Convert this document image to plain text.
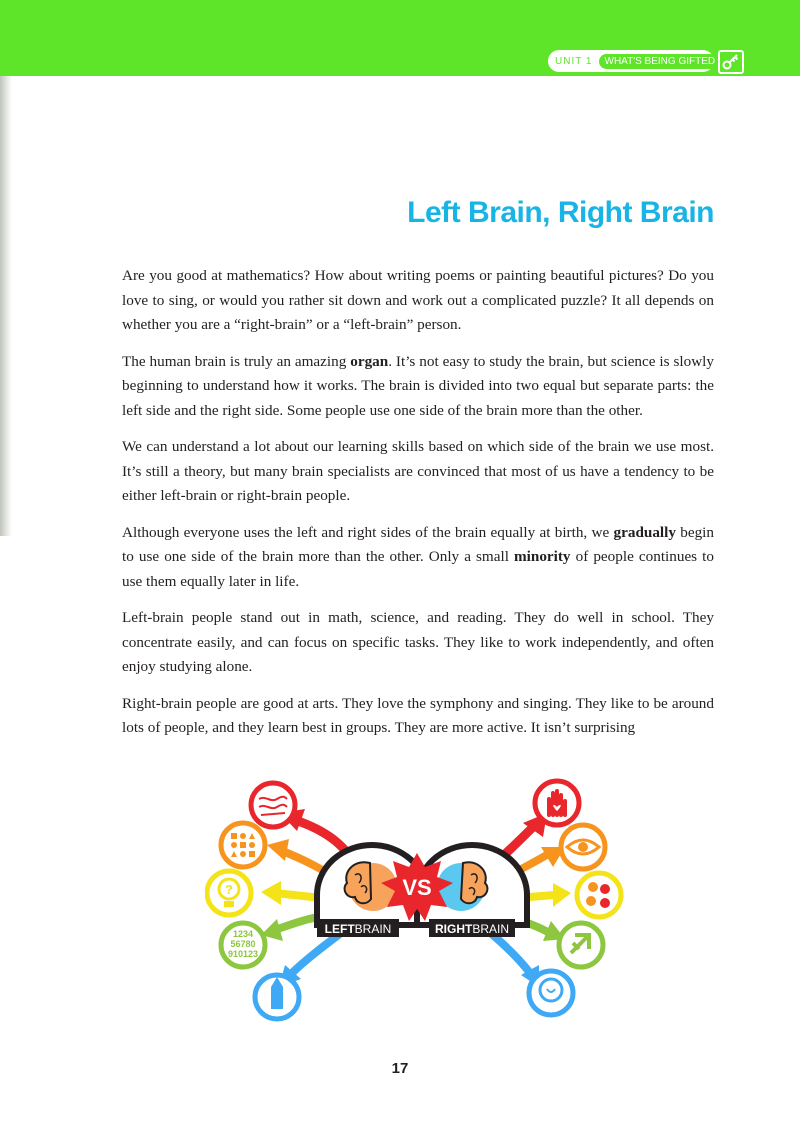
UNIT 1	WHAT'S BEING GIFTED
Left Brain, Right Brain

Are you good at mathematics? How about writing poems or painting beautiful pictures? Do you love to sing, or would you rather sit down and work out a complicated puzzle? It all depends on whether you are a “right-brain” or a “left-brain” person.

The human brain is truly an amazing organ. It’s not easy to study the brain, but science is slowly beginning to understand how it works. The brain is divided into two equal but separate parts: the left side and the right side. Some people use one side of the brain more than the other.

We can understand a lot about our learning skills based on which side of the brain we use most. It’s still a theory, but many brain specialists are convinced that most of us have a tendency to be either left-brain or right-brain people.

Although everyone uses the left and right sides of the brain equally at birth, we gradually begin to use one side of the brain more than the other. Only a small minority of people continues to use them equally later in life.

Left-brain people stand out in math, science, and reading. They do well in school. They concentrate easily, and can focus on specific tasks. They like to work independently, and often enjoy studying alone.

Right-brain people are good at arts. They love the symphony and singing. They like to be around lots of people, and they learn best in groups. They are more active. It isn’t surprising

?
1234
56780
910123
VS
LEFTBRAIN	RIGHTBRAIN
17
